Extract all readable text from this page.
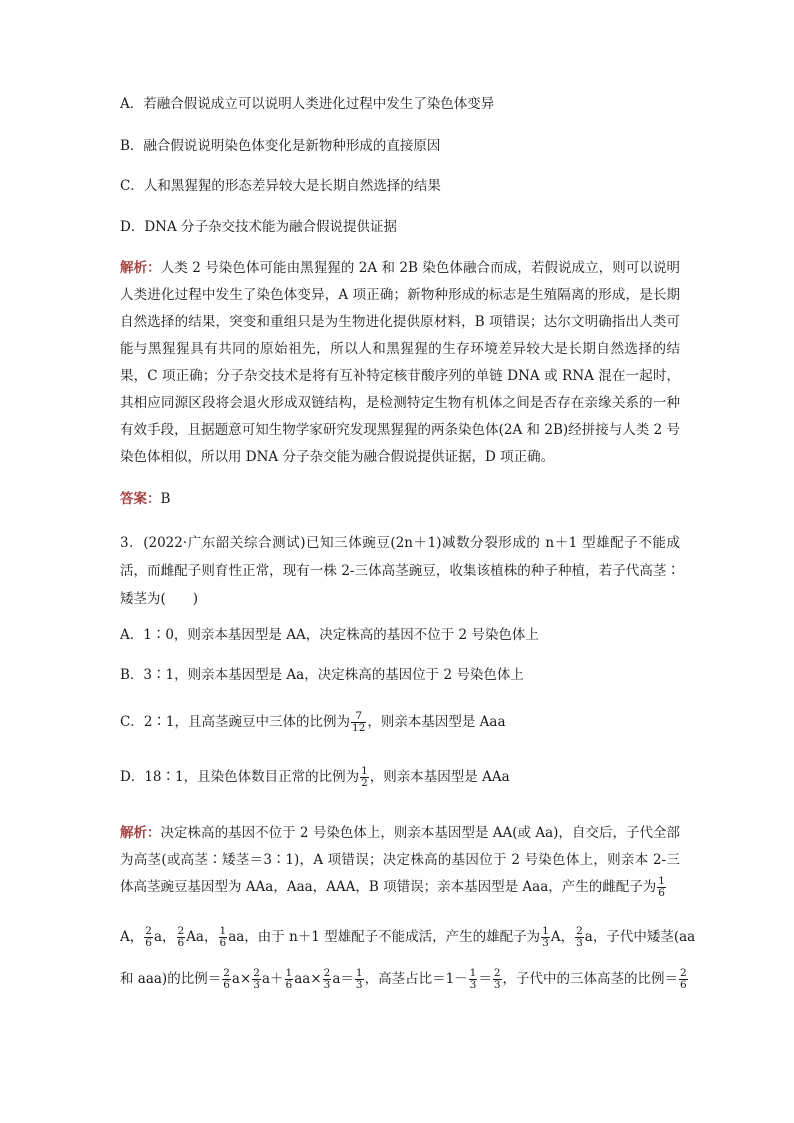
A．若融合假说成立可以说明人类进化过程中发生了染色体变异
B．融合假说说明染色体变化是新物种形成的直接原因
C．人和黑猩猩的形态差异较大是长期自然选择的结果
D．DNA 分子杂交技术能为融合假说提供证据
解析：人类 2 号染色体可能由黑猩猩的 2A 和 2B 染色体融合而成，若假说成立，则可以说明人类进化过程中发生了染色体变异，A 项正确；新物种形成的标志是生殖隔离的形成，是长期自然选择的结果，突变和重组只是为生物进化提供原材料，B 项错误；达尔文明确指出人类可能与黑猩猩具有共同的原始祖先，所以人和黑猩猩的生存环境差异较大是长期自然选择的结果，C 项正确；分子杂交技术是将有互补特定核苷酸序列的单链 DNA 或 RNA 混在一起时，其相应同源区段将会退火形成双链结构，是检测特定生物有机体之间是否存在亲缘关系的一种有效手段，且据题意可知生物学家研究发现黑猩猩的两条染色体(2A 和 2B)经拼接与人类 2 号染色体相似，所以用 DNA 分子杂交能为融合假说提供证据，D 项正确。
答案：B
3．(2022·广东韶关综合测试)已知三体豌豆(2n＋1)减数分裂形成的 n＋1 型雄配子不能成活，而雌配子则育性正常，现有一株 2-三体高茎豌豆，收集该植株的种子种植，若子代高茎∶矮茎为(　　)
A．1∶0，则亲本基因型是 AA，决定株高的基因不位于 2 号染色体上
B．3∶1，则亲本基因型是 Aa，决定株高的基因位于 2 号染色体上
C．2∶1，且高茎豌豆中三体的比例为 $\frac{7}{12}$ ，则亲本基因型是 Aaa
D．18∶1，且染色体数目正常的比例为 $\frac{1}{2}$ ，则亲本基因型是 AAa
解析：决定株高的基因不位于 2 号染色体上，则亲本基因型是 AA(或 Aa)，自交后，子代全部为高茎(或高茎∶矮茎＝3∶1)，A 项错误；决定株高的基因位于 2 号染色体上，则亲本 2-三体高茎豌豆基因型为 AAa，Aaa，AAA，B 项错误；亲本基因型是 Aaa，产生的雌配子为 $\frac{1}{6}$
A， $\frac{2}{6}$ a， $\frac{2}{6}$ Aa， $\frac{1}{6}$ aa，由于 n＋1 型雄配子不能成活，产生的雄配子为 $\frac{1}{3}$ A， $\frac{2}{3}$ a，子代中矮茎(aa
和 aaa)的比例＝ $\frac{2}{6} a\times \frac{2}{3} a+ \frac{1}{6} aa\times \frac{2}{3} a= \frac{1}{3}$ ，高茎占比$=1- \frac{1}{3} = \frac{2}{3}$ ，子代中的三体高茎的比例＝ $\frac{2}{6}$
